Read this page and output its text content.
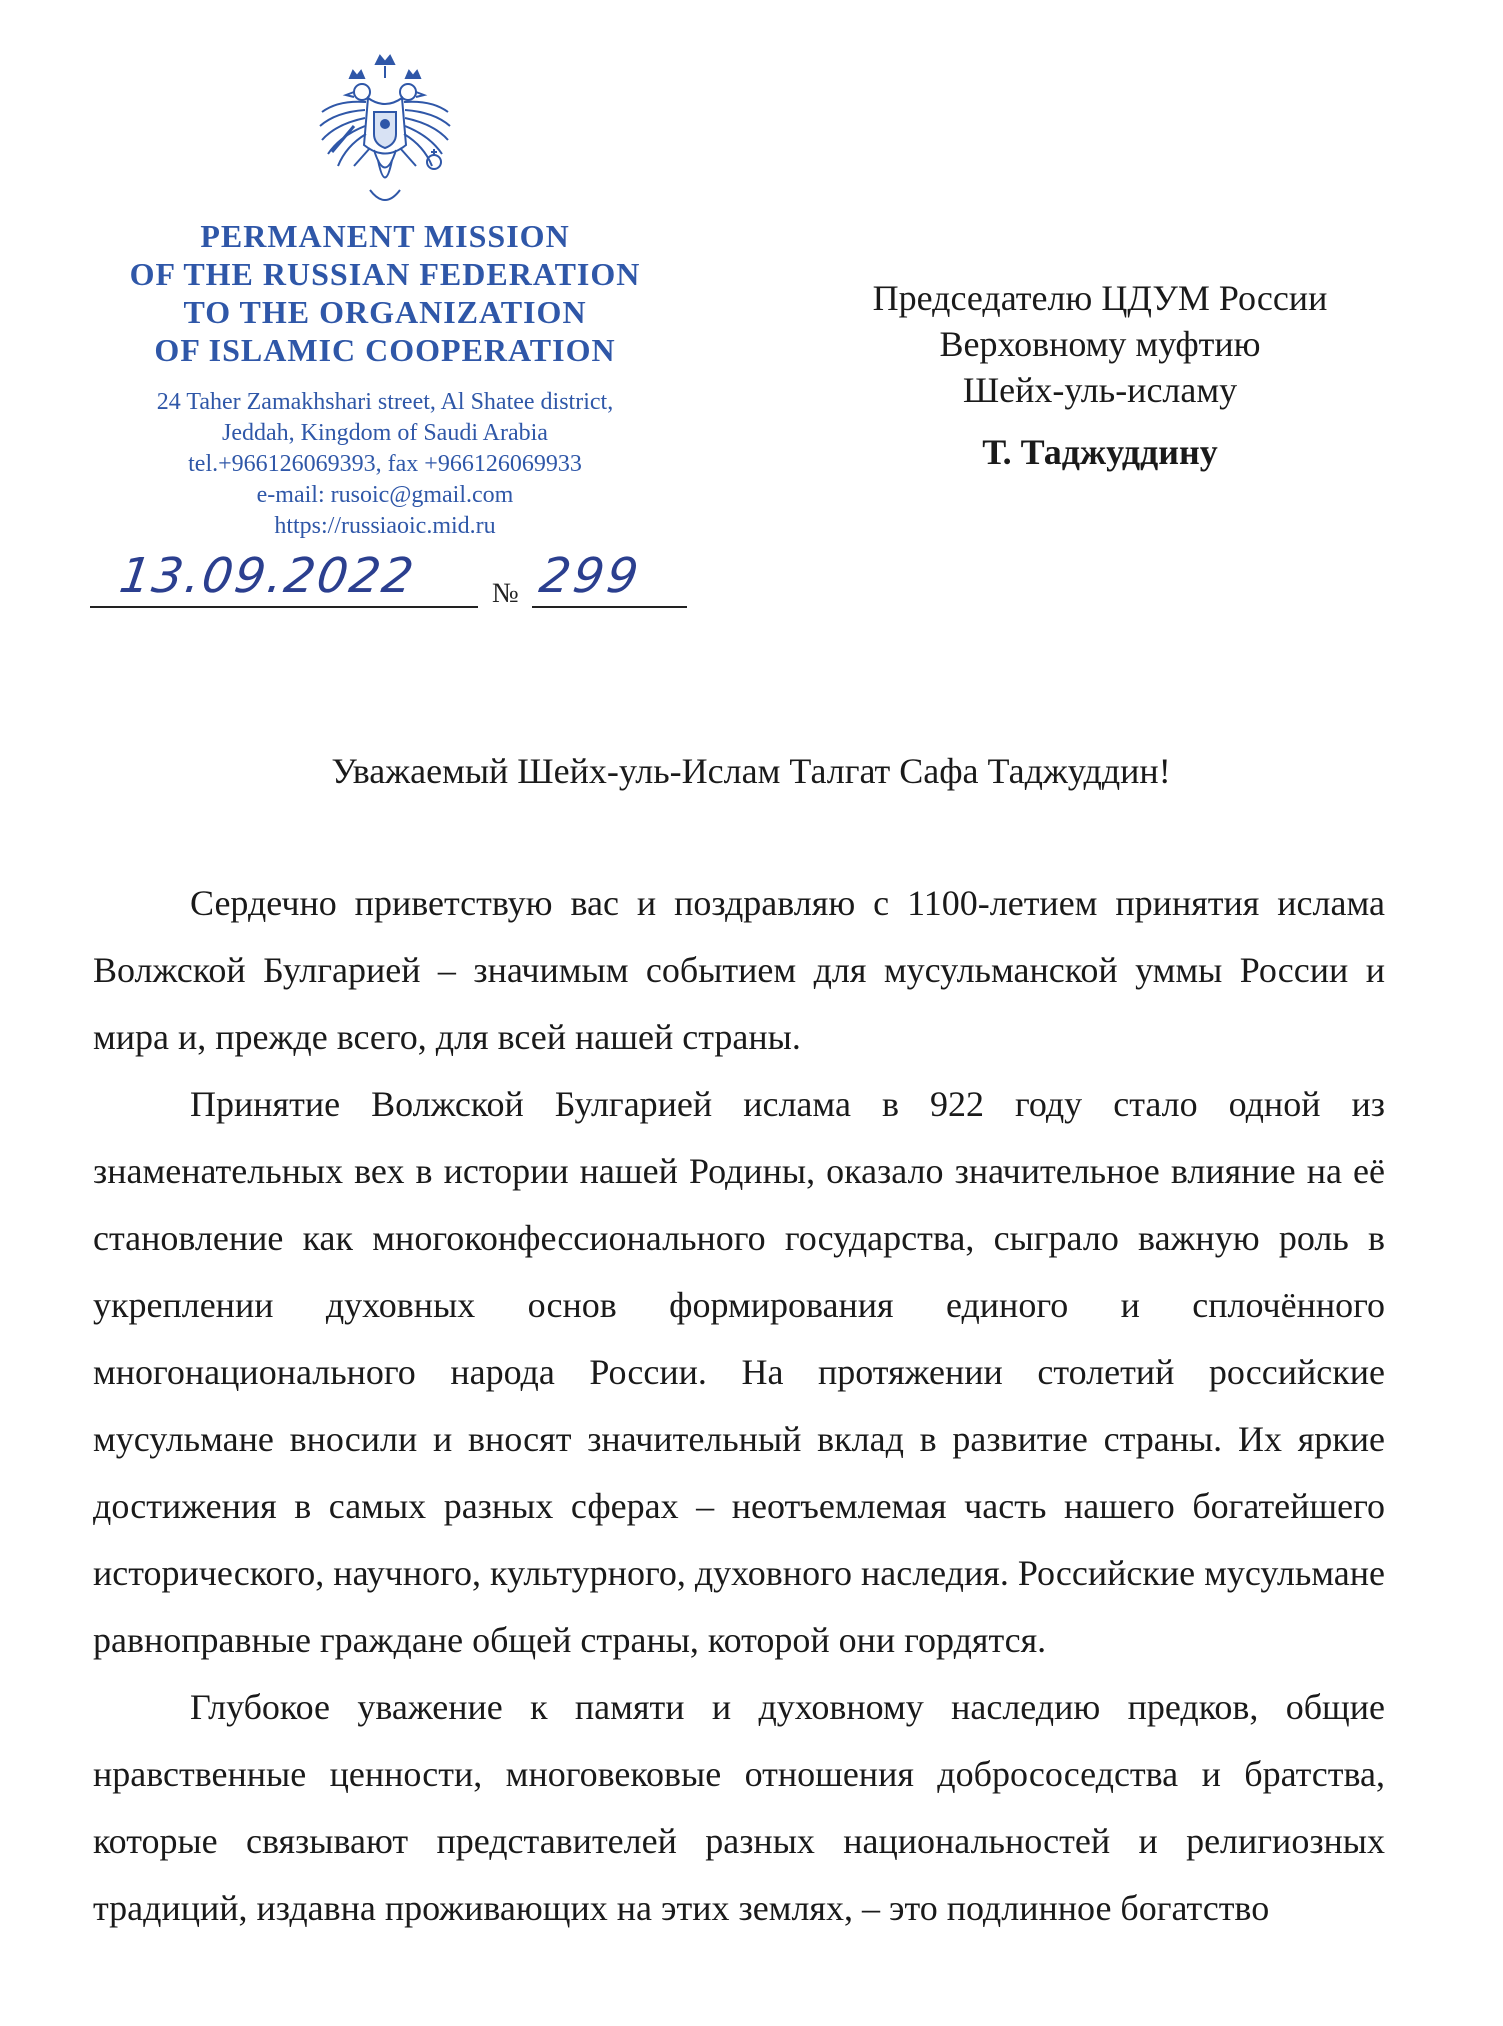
PERMANENT MISSION
OF THE RUSSIAN FEDERATION
TO THE ORGANIZATION
OF ISLAMIC COOPERATION
24 Taher Zamakhshari street, Al Shatee district,
Jeddah, Kingdom of Saudi Arabia
tel.+966126069393, fax +966126069933
e-mail: rusoic@gmail.com
https://russiaoic.mid.ru
13.09.2022	№ 299
Председателю ЦДУМ России
Верховному муфтию
Шейх-уль-исламу
Т. Таджуддину
Уважаемый Шейх-уль-Ислам Талгат Сафа Таджуддин!

Сердечно приветствую вас и поздравляю с 1100-летием принятия ислама Волжской Булгарией – значимым событием для мусульманской уммы России и мира и, прежде всего, для всей нашей страны.

Принятие Волжской Булгарией ислама в 922 году стало одной из знаменательных вех в истории нашей Родины, оказало значительное влияние на её становление как многоконфессионального государства, сыграло важную роль в укреплении духовных основ формирования единого и сплочённого многонационального народа России. На протяжении столетий российские мусульмане вносили и вносят значительный вклад в развитие страны. Их яркие достижения в самых разных сферах – неотъемлемая часть нашего богатейшего исторического, научного, культурного, духовного наследия. Российские мусульмане равноправные граждане общей страны, которой они гордятся.

Глубокое уважение к памяти и духовному наследию предков, общие нравственные ценности, многовековые отношения добрососедства и братства, которые связывают представителей разных национальностей и религиозных традиций, издавна проживающих на этих землях, – это подлинное богатство
